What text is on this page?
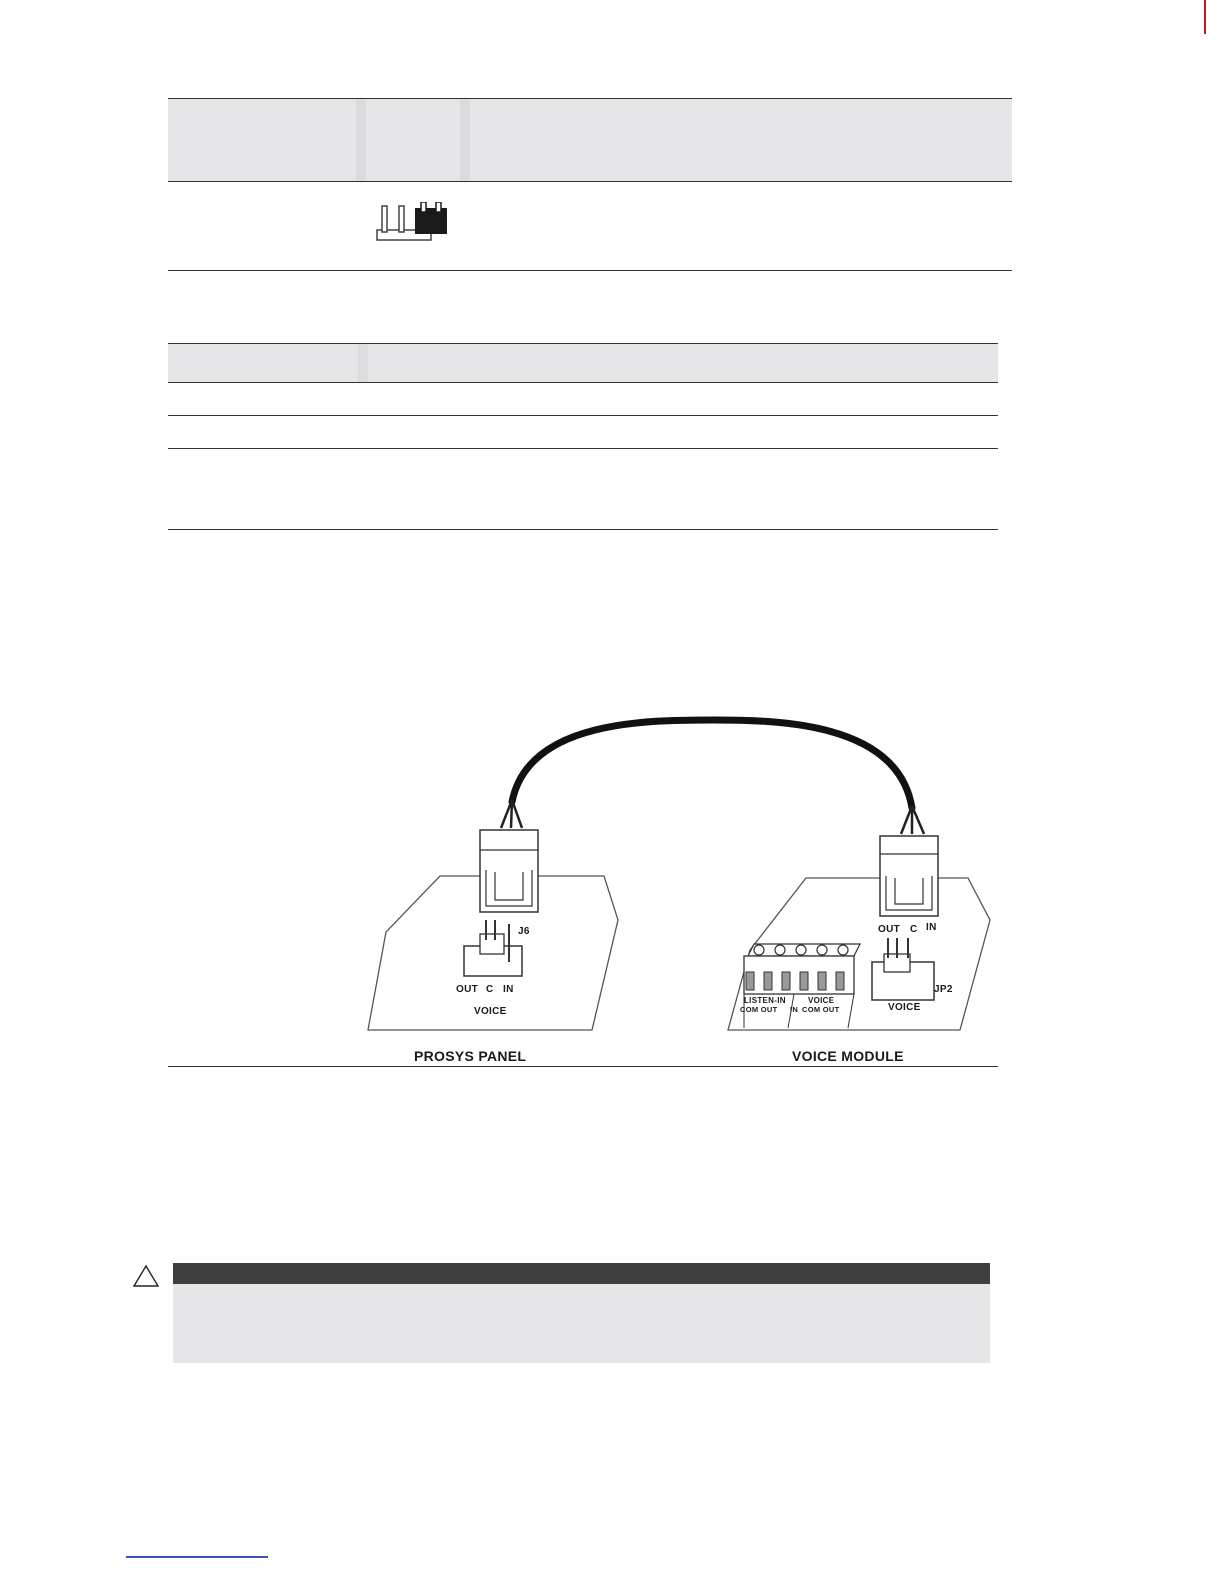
J6
OUT C IN
VOICE
OUT C IN
JP2
VOICE
LISTEN-IN
COM OUT
VOICE
IN COM OUT
PROSYS PANEL	VOICE MODULE
